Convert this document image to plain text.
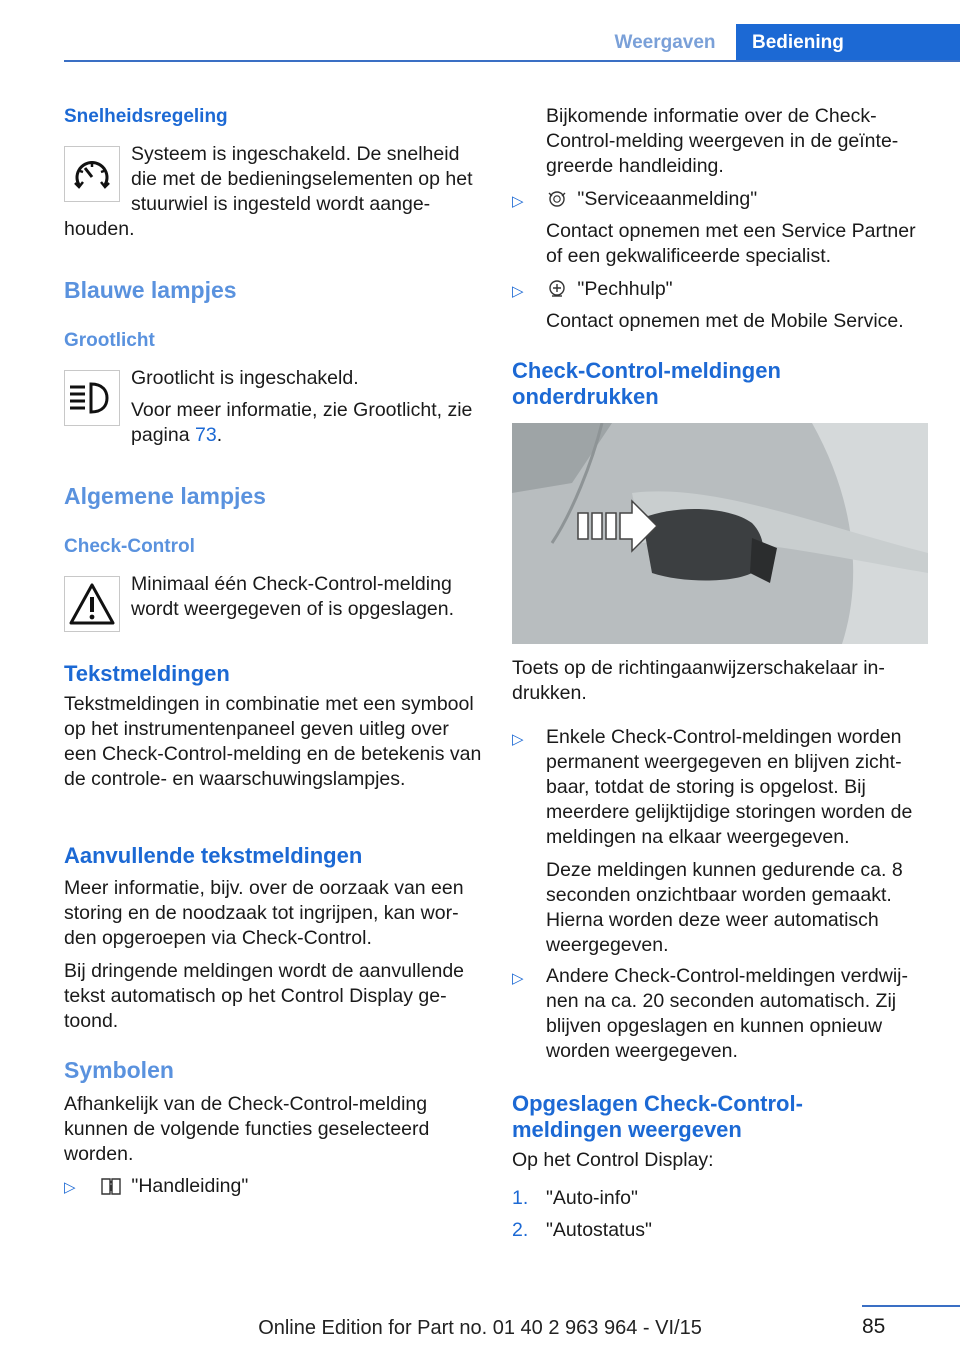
Weergaven	Bediening
Snelheidsregeling

Systeem is ingeschakeld. De snelheid die met de bedieningselementen op het stuurwiel is ingesteld wordt aange-

houden.

Blauwe lampjes
Grootlicht

Grootlicht is ingeschakeld.

Voor meer informatie, zie Grootlicht, zie pagina 73.

Algemene lampjes
Check-Control

Minimaal één Check-Control-melding wordt weergegeven of is opgeslagen.

Tekstmeldingen

Tekstmeldingen in combinatie met een symbool op het instrumentenpaneel geven uitleg over een Check-Control-melding en de betekenis van de controle- en waarschuwingslampjes.

Aanvullende tekstmeldingen

Meer informatie, bijv. over de oorzaak van een storing en de noodzaak tot ingrijpen, kan worden opgeroepen via Check-Control.

Bij dringende meldingen wordt de aanvullende tekst automatisch op het Control Display getoond.

Symbolen

Afhankelijk van de Check-Control-melding kunnen de volgende functies geselecteerd worden.

▷	"Handleiding"

Bijkomende informatie over de Check-Control-melding weergeven in de geïntegreerde handleiding.

▷	"Serviceaanmelding"

Contact opnemen met een Service Partner of een gekwalificeerde specialist.

▷	"Pechhulp"

Contact opnemen met de Mobile Service.

Check-Control-meldingen onderdrukken

Toets op de richtingaanwijzerschakelaar indrukken.

▷ Enkele Check-Control-meldingen worden permanent weergegeven en blijven zichtbaar, totdat de storing is opgelost. Bij meerdere gelijktijdige storingen worden de meldingen na elkaar weergegeven.

Deze meldingen kunnen gedurende ca. 8 seconden onzichtbaar worden gemaakt. Hierna worden deze weer automatisch weergegeven.

▷ Andere Check-Control-meldingen verdwijnen na ca. 20 seconden automatisch. Zij blijven opgeslagen en kunnen opnieuw worden weergegeven.

Opgeslagen Check-Control-meldingen weergeven

Op het Control Display:

1. "Auto-info"

2. "Autostatus"

85
Online Edition for Part no. 01 40 2 963 964 - VI/15
